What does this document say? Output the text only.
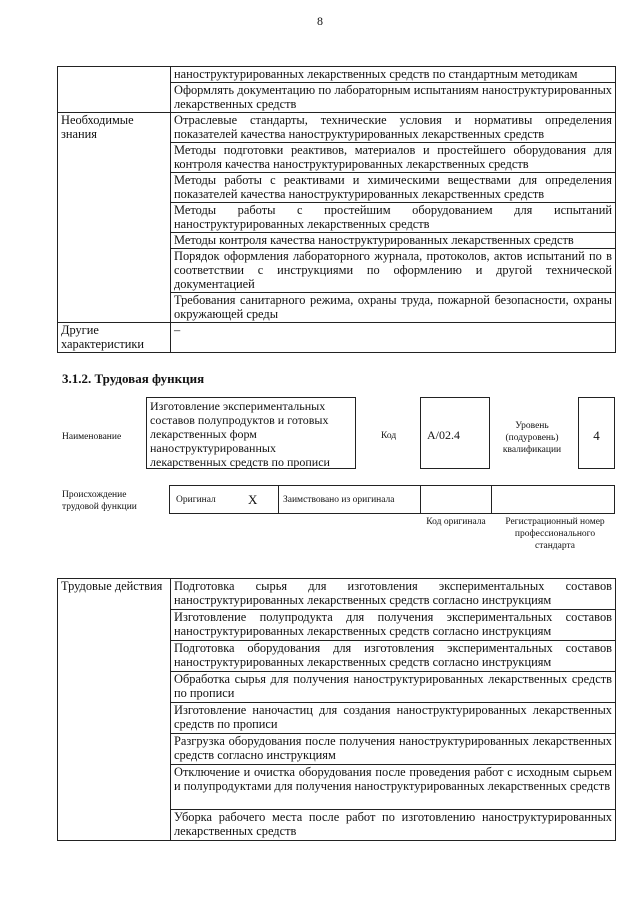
8
	наноструктурированных лекарственных средств по стандартным методикам
	Оформлять документацию по лабораторным испытаниям наноструктурированных лекарственных средств
Необходимые знания	Отраслевые стандарты, технические условия и нормативы определения показателей качества наноструктурированных лекарственных средств
	Методы подготовки реактивов, материалов и простейшего оборудования для контроля качества наноструктурированных лекарственных средств
	Методы работы с реактивами и химическими веществами для определения показателей качества наноструктурированных лекарственных средств
	Методы работы с простейшим оборудованием для испытаний наноструктурированных лекарственных средств
	Методы контроля качества наноструктурированных лекарственных средств
	Порядок оформления лабораторного журнала, протоколов, актов испытаний по в соответствии с инструкциями по оформлению и другой технической документацией
	Требования санитарного режима, охраны труда, пожарной безопасности, охраны окружающей среды
Другие характеристики	–
3.1.2. Трудовая функция
Наименование
Изготовление экспериментальных составов полупродуктов и готовых лекарственных форм наноструктурированных лекарственных средств по прописи
Код	A/02.4
Уровень (подуровень) квалификации
4
Происхождение трудовой функции
Оригинал X	Заимствовано из оригинала
Код оригинала	Регистрационный номер профессионального стандарта
Трудовые действия	Подготовка сырья для изготовления экспериментальных составов наноструктурированных лекарственных средств согласно инструкциям
Изготовление полупродукта для получения экспериментальных составов наноструктурированных лекарственных средств согласно инструкциям
Подготовка оборудования для изготовления экспериментальных составов наноструктурированных лекарственных средств согласно инструкциям
Обработка сырья для получения наноструктурированных лекарственных средств по прописи
Изготовление наночастиц для создания наноструктурированных лекарственных средств по прописи
Разгрузка оборудования после получения наноструктурированных лекарственных средств согласно инструкциям
Отключение и очистка оборудования после проведения работ с исходным сырьем и полупродуктами для получения наноструктурированных лекарственных средств
Уборка рабочего места после работ по изготовлению наноструктурированных лекарственных средств
